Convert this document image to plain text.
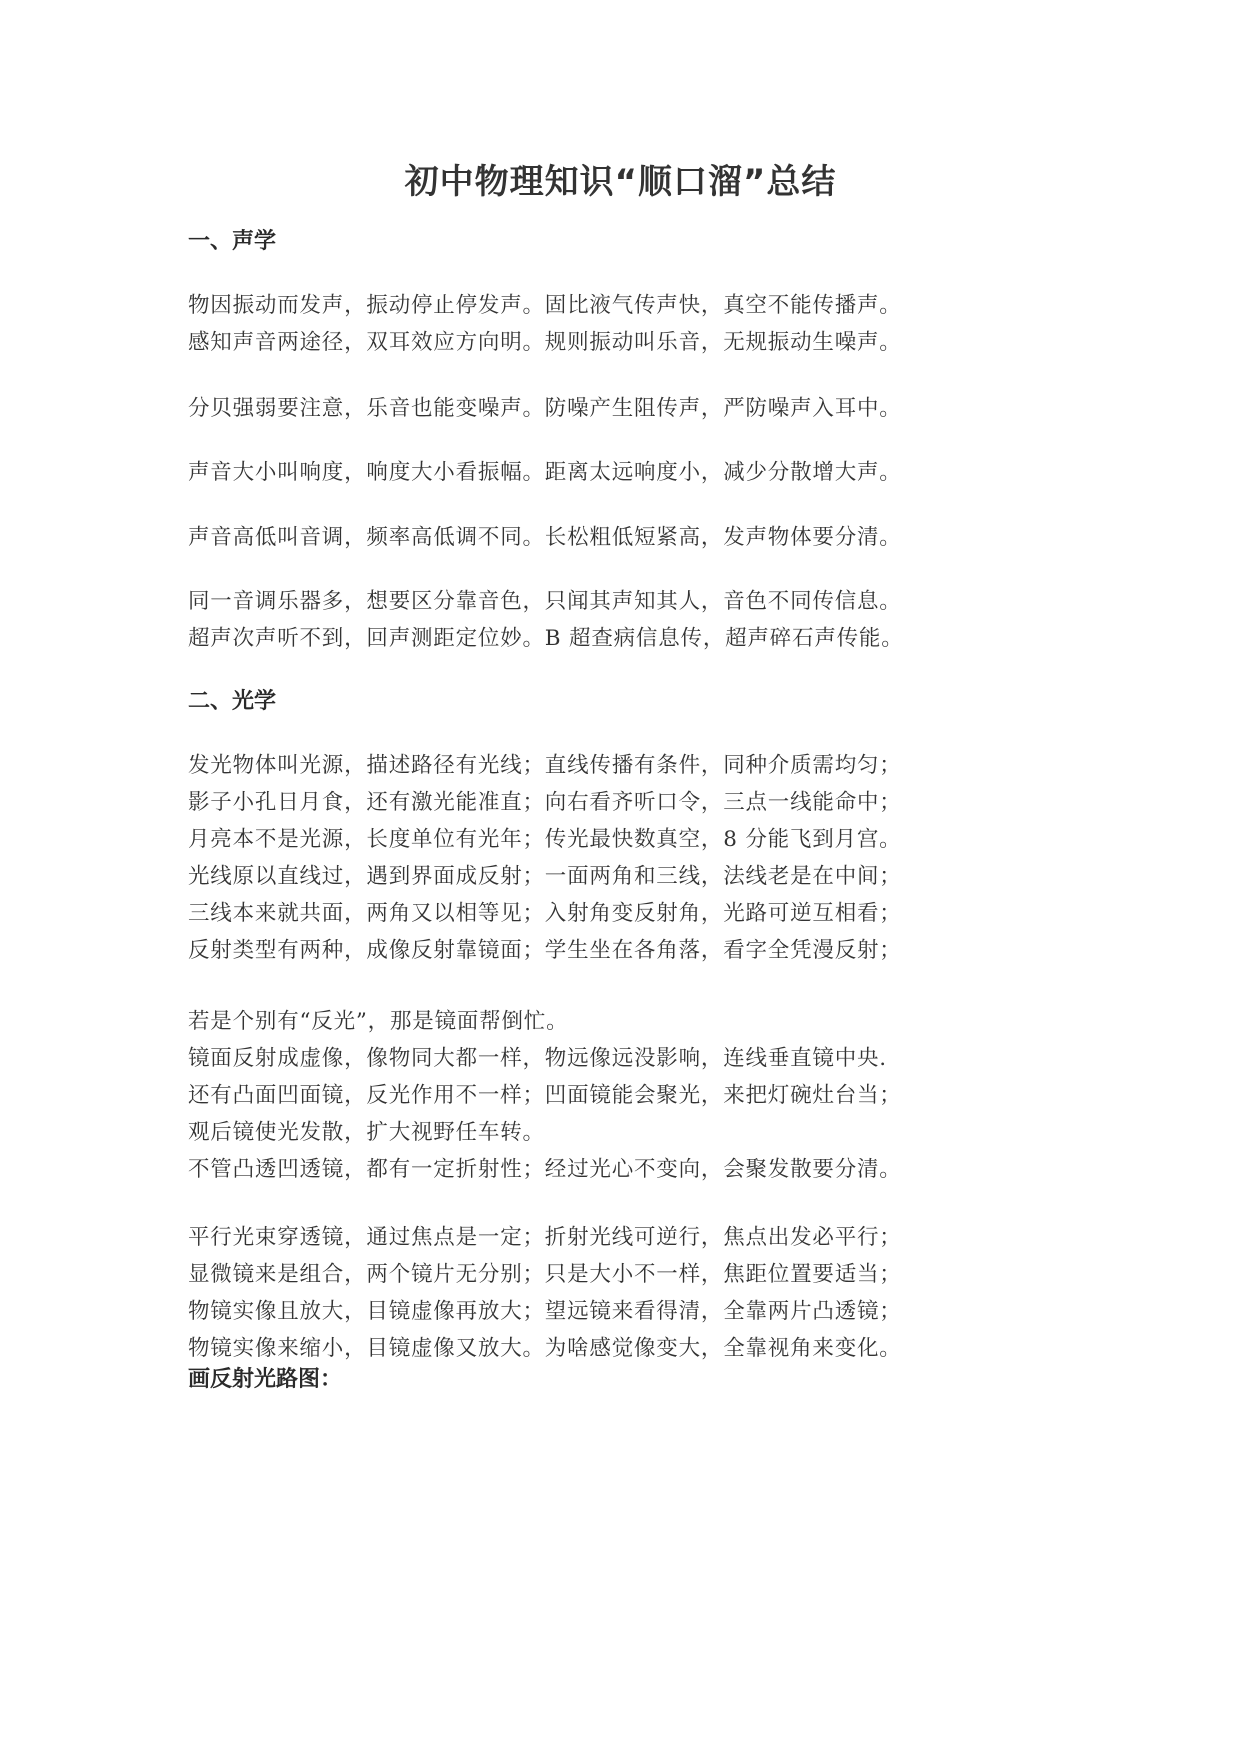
初中物理知识“顺口溜”总结
一、声学

物因振动而发声，振动停止停发声。固比液气传声快，真空不能传播声。
感知声音两途径，双耳效应方向明。规则振动叫乐音，无规振动生噪声。

分贝强弱要注意，乐音也能变噪声。防噪产生阻传声，严防噪声入耳中。

声音大小叫响度，响度大小看振幅。距离太远响度小，减少分散增大声。

声音高低叫音调，频率高低调不同。长松粗低短紧高，发声物体要分清。

同一音调乐器多，想要区分靠音色，只闻其声知其人，音色不同传信息。
超声次声听不到，回声测距定位妙。B 超查病信息传，超声碎石声传能。

二、光学

发光物体叫光源，描述路径有光线；直线传播有条件，同种介质需均匀；
影子小孔日月食，还有激光能准直；向右看齐听口令，三点一线能命中；
月亮本不是光源，长度单位有光年；传光最快数真空，8 分能飞到月宫。
光线原以直线过，遇到界面成反射；一面两角和三线，法线老是在中间；
三线本来就共面，两角又以相等见；入射角变反射角，光路可逆互相看；
反射类型有两种，成像反射靠镜面；学生坐在各角落，看字全凭漫反射；

若是个别有“反光”，那是镜面帮倒忙。
镜面反射成虚像，像物同大都一样，物远像远没影响，连线垂直镜中央.
还有凸面凹面镜，反光作用不一样；凹面镜能会聚光，来把灯碗灶台当；
观后镜使光发散，扩大视野任车转。
不管凸透凹透镜，都有一定折射性；经过光心不变向，会聚发散要分清。

平行光束穿透镜，通过焦点是一定；折射光线可逆行，焦点出发必平行；
显微镜来是组合，两个镜片无分别；只是大小不一样，焦距位置要适当；
物镜实像且放大，目镜虚像再放大；望远镜来看得清，全靠两片凸透镜；
物镜实像来缩小，目镜虚像又放大。为啥感觉像变大，全靠视角来变化。

画反射光路图：
